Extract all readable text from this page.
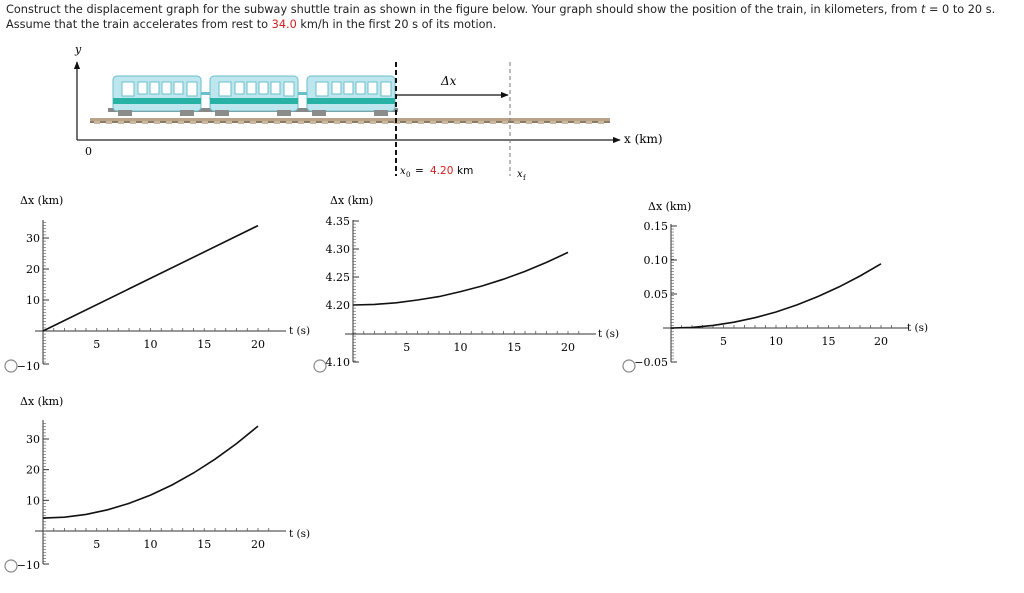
Construct the displacement graph for the subway shuttle train as shown in the figure below. Your graph should show the position of the train, in kilometers, from t = 0 to 20 s. Assume that the train accelerates from rest to 34.0 km/h in the first 20 s of its motion.
y
x (km)
0
Δx
x 0 = 4.20 km	x f
Δx (km)
5	10	15	20
30
20
10
−10
t (s)
Δx (km)
5	10	15	20
4.35
4.30
4.25
4.20
4.10
t (s)
Δx (km)
5	10	15	20
0.15
0.10
0.05
−0.05
t (s)
Δx (km)
5	10	15	20
30
20
10
−10
t (s)
